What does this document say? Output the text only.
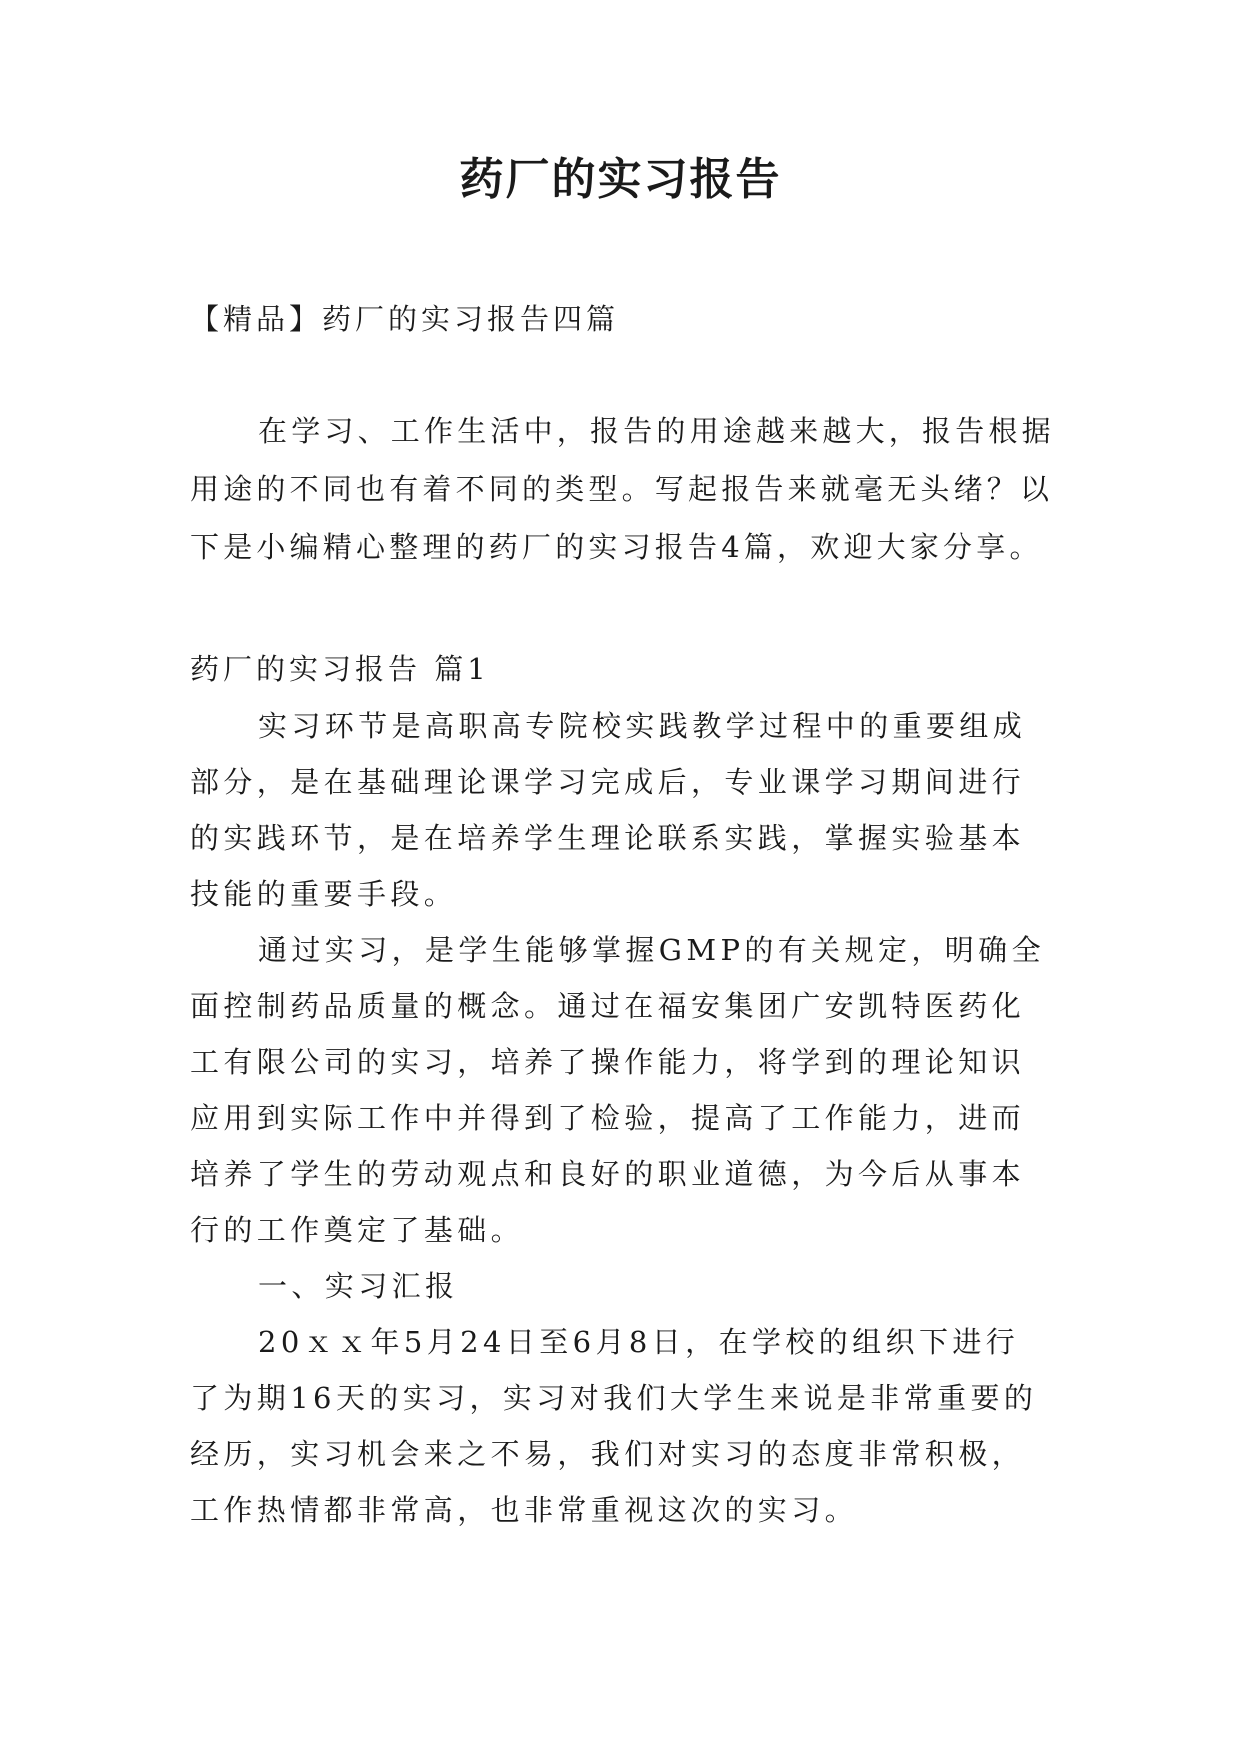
药厂的实习报告

【精品】药厂的实习报告四篇

在学习、工作生活中，报告的用途越来越大，报告根据用途的不同也有着不同的类型。写起报告来就毫无头绪？以下是小编精心整理的药厂的实习报告4篇，欢迎大家分享。

药厂的实习报告 篇1

实习环节是高职高专院校实践教学过程中的重要组成部分，是在基础理论课学习完成后，专业课学习期间进行的实践环节，是在培养学生理论联系实践，掌握实验基本技能的重要手段。

通过实习，是学生能够掌握GMP的有关规定，明确全面控制药品质量的概念。通过在福安集团广安凯特医药化工有限公司的实习，培养了操作能力，将学到的理论知识应用到实际工作中并得到了检验，提高了工作能力，进而培养了学生的劳动观点和良好的职业道德，为今后从事本行的工作奠定了基础。

一、实习汇报

20ｘｘ年5月24日至6月8日，在学校的组织下进行了为期16天的实习，实习对我们大学生来说是非常重要的经历，实习机会来之不易，我们对实习的态度非常积极，工作热情都非常高，也非常重视这次的实习。
